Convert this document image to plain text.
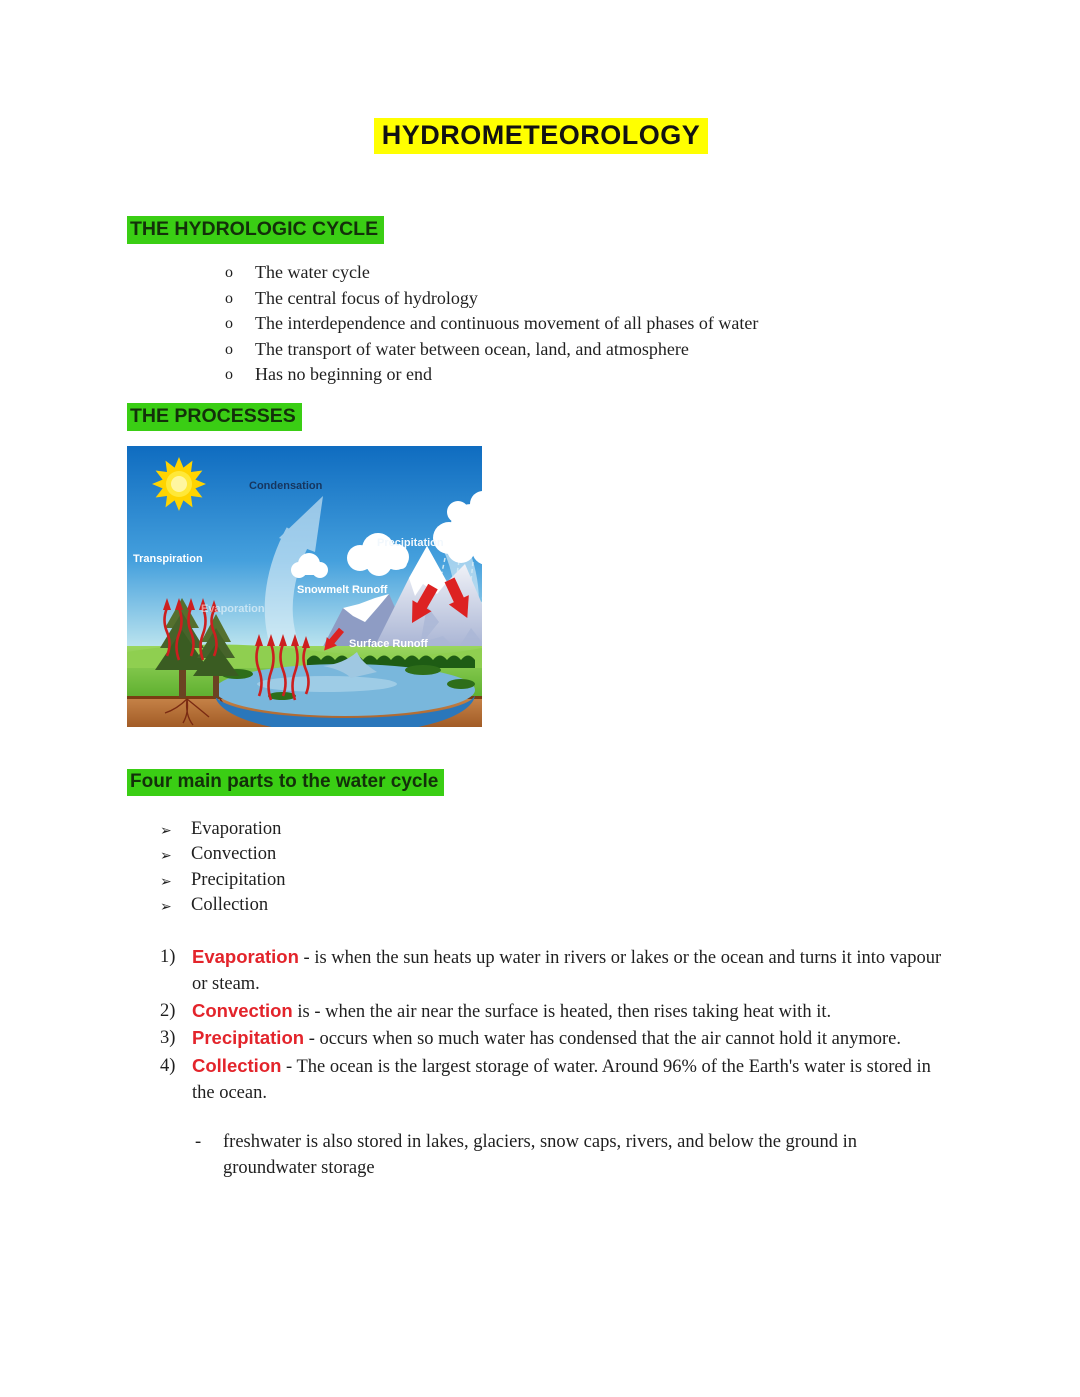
HYDROMETEOROLOGY
THE HYDROLOGIC CYCLE
o	The water cycle
o	The central focus of hydrology
o	The interdependence and continuous movement of all phases of water
o	The transport of water between ocean, land, and atmosphere
o	Has no beginning or end
THE PROCESSES
Condensation
Precipitation
Transpiration
Snowmelt Runoff
Evaporation
Surface Runoff
Four main parts to the water cycle
➢	Evaporation
➢	Convection
➢	Precipitation
➢	Collection
1) Evaporation - is when the sun heats up water in rivers or lakes or the ocean and turns it into vapour or steam.
2) Convection is - when the air near the surface is heated, then rises taking heat with it.
3) Precipitation - occurs when so much water has condensed that the air cannot hold it anymore.
4) Collection - The ocean is the largest storage of water. Around 96% of the Earth's water is stored in the ocean.
-	freshwater is also stored in lakes, glaciers, snow caps, rivers, and below the ground in groundwater storage
